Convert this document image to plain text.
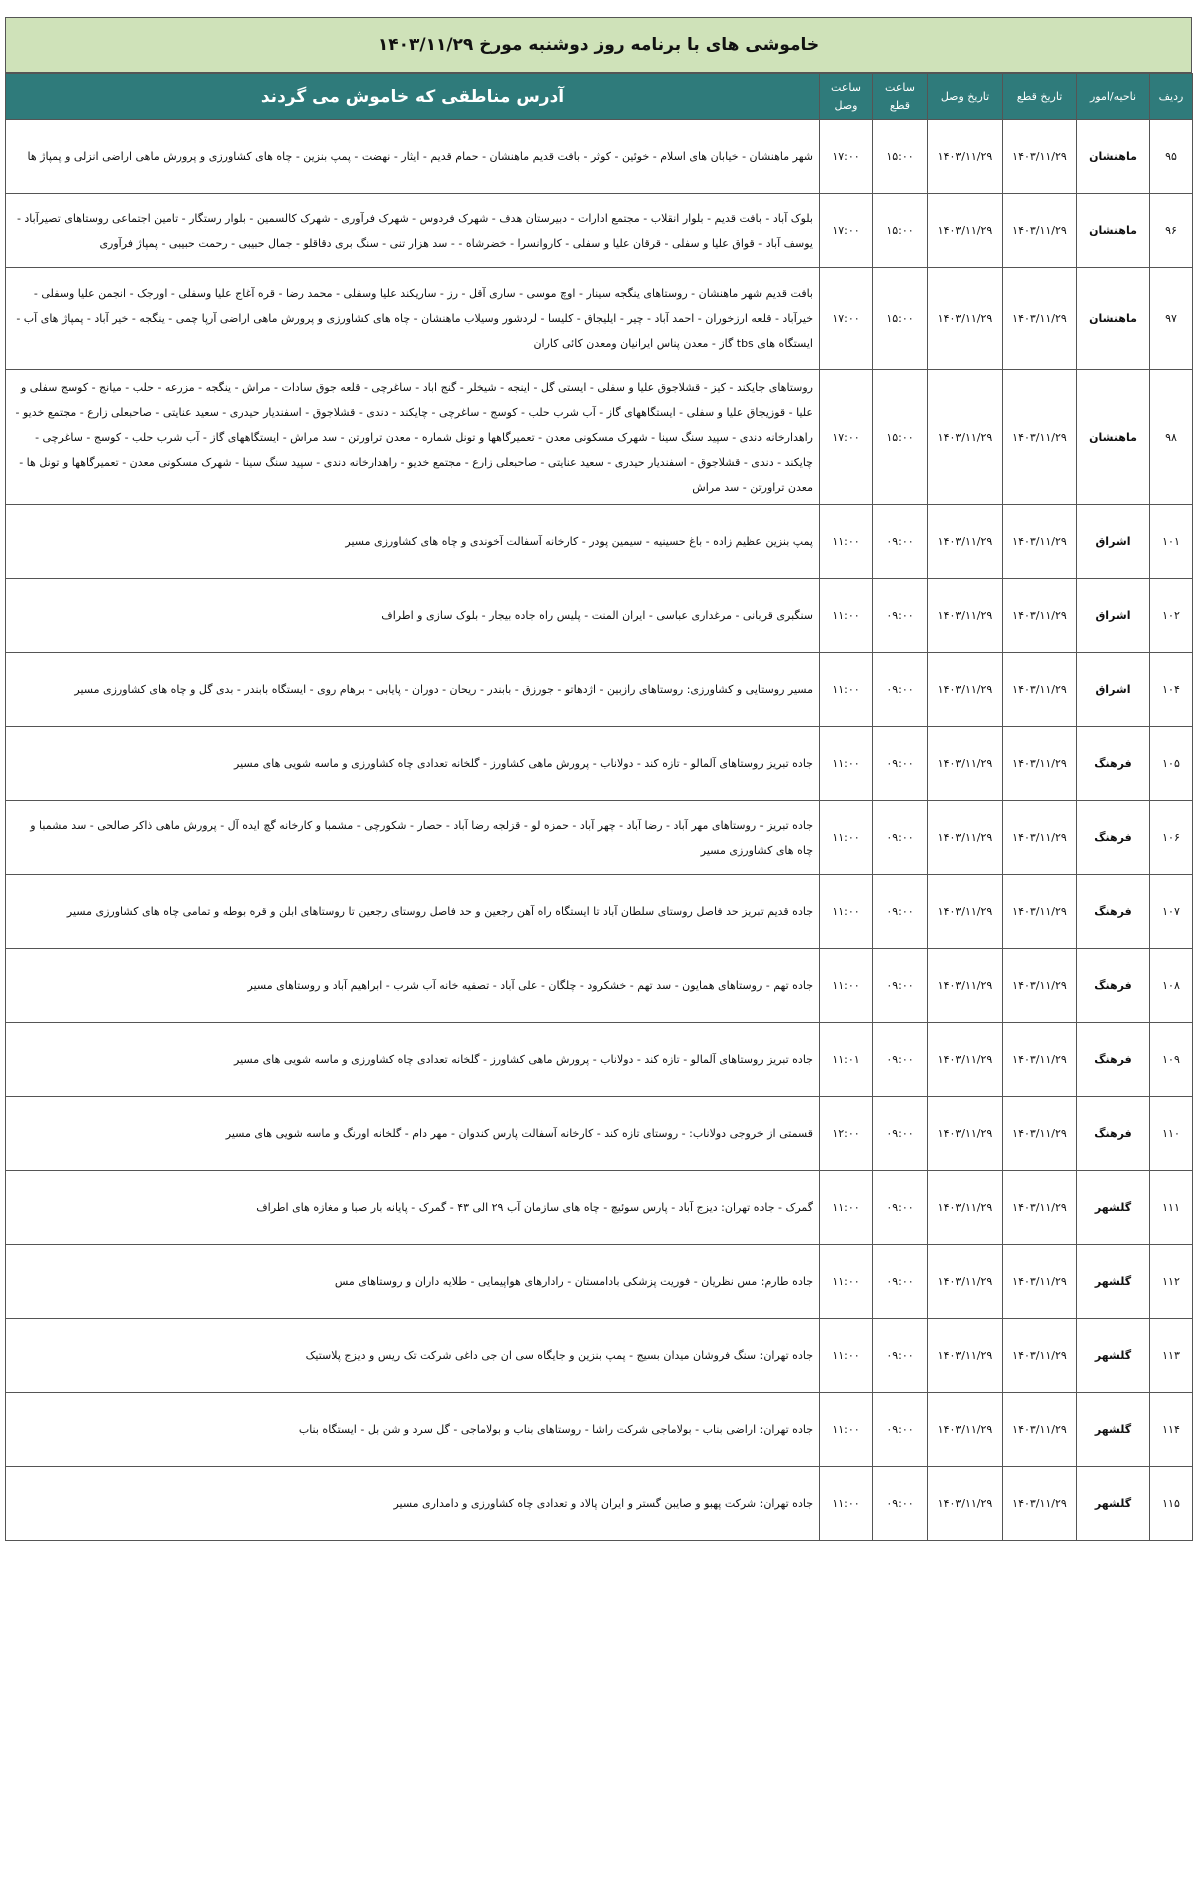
خاموشی های با برنامه روز دوشنبه مورخ ۱۴۰۳/۱۱/۲۹
ردیف	ناحیه/امور	تاریخ قطع	تاریخ وصل	ساعت قطع	ساعت وصل	آدرس مناطقی که خاموش می گردند
۹۵	ماهنشان	۱۴۰۳/۱۱/۲۹	۱۴۰۳/۱۱/۲۹	۱۵:۰۰	۱۷:۰۰	شهر ماهنشان - خیابان های اسلام - خوئین - کوثر - بافت قدیم ماهنشان - حمام قدیم - ایثار - نهضت - پمپ بنزین - چاه های کشاورزی و پرورش ماهی اراضی انزلی و پمپاژ ها
۹۶	ماهنشان	۱۴۰۳/۱۱/۲۹	۱۴۰۳/۱۱/۲۹	۱۵:۰۰	۱۷:۰۰	بلوک آباد - بافت قدیم - بلوار انقلاب - مجتمع ادارات - دبیرستان هدف - شهرک فردوس - شهرک فرآوری - شهرک کالسمین - بلوار رستگار - تامین اجتماعی روستاهای تصیرآباد - یوسف آباد - قواق علیا و سفلی - قرقان علیا و سفلی - کاروانسرا - خضرشاه - - سد هزار تنی - سنگ بری دقاقلو - جمال حبیبی - رحمت حبیبی - پمپاژ فرآوری
۹۷	ماهنشان	۱۴۰۳/۱۱/۲۹	۱۴۰۳/۱۱/۲۹	۱۵:۰۰	۱۷:۰۰	بافت قدیم شهر ماهنشان - روستاهای ینگجه سینار - اوچ موسی - ساری آقل - رز - ساریکند علیا وسفلی - محمد رضا - قره آغاج علیا وسفلی - اورجک - انجمن علیا وسفلی - خیرآباد - قلعه ارزخوران - احمد آباد - چیر - ایلیجاق - کلیسا - لردشور وسیلاب ماهنشان - چاه های کشاورزی و پرورش ماهی اراضی آرپا چمی - ینگجه - خیر آباد - پمپاژ های آب - ایستگاه های tbs گاز - معدن پناس ایرانیان ومعدن کائی کاران
۹۸	ماهنشان	۱۴۰۳/۱۱/۲۹	۱۴۰۳/۱۱/۲۹	۱۵:۰۰	۱۷:۰۰	روستاهای جایکند - کیز - قشلاجوق علیا و سفلی - ایستی گل - اینجه - شیخلر - گنج اباد - ساغرچی - قلعه جوق سادات - مراش - ینگجه - مزرعه - حلب - میانج - کوسج سفلی و علیا - قوزیجاق علیا و سفلی - ایستگاههای گاز - آب شرب حلب - کوسج - ساغرچی - چایکند - دندی - قشلاجوق - اسفندیار حیدری - سعید عنایتی - صاحبعلی زارع - مجتمع خدیو - راهدارخانه دندی - سپید سنگ سینا - شهرک مسکونی معدن - تعمیرگاهها و تونل شماره - معدن تراورتن - سد مراش - ایستگاههای گاز - آب شرب حلب - کوسج - ساغرچی - چایکند - دندی - قشلاجوق - اسفندیار حیدری - سعید عنایتی - صاحبعلی زارع - مجتمع خدیو - راهدارخانه دندی - سپید سنگ سینا - شهرک مسکونی معدن - تعمیرگاهها و تونل ها - معدن تراورتن - سد مراش
۱۰۱	اشراق	۱۴۰۳/۱۱/۲۹	۱۴۰۳/۱۱/۲۹	۰۹:۰۰	۱۱:۰۰	پمپ بنزین عظیم زاده - باغ حسینیه - سیمین پودر - کارخانه آسفالت آخوندی و چاه های کشاورزی مسیر
۱۰۲	اشراق	۱۴۰۳/۱۱/۲۹	۱۴۰۳/۱۱/۲۹	۰۹:۰۰	۱۱:۰۰	سنگبری قربانی - مرغداری عباسی - ایران المنت - پلیس راه جاده بیجار - بلوک سازی و اطراف
۱۰۴	اشراق	۱۴۰۳/۱۱/۲۹	۱۴۰۳/۱۱/۲۹	۰۹:۰۰	۱۱:۰۰	مسیر روستایی و کشاورزی: روستاهای رازبین - اژدهاتو - جورزق - بابندر - ریحان - دوران - پایابی - برهام روی - ایستگاه بابندر - بدی گل و چاه های کشاورزی مسیر
۱۰۵	فرهنگ	۱۴۰۳/۱۱/۲۹	۱۴۰۳/۱۱/۲۹	۰۹:۰۰	۱۱:۰۰	جاده تبریز روستاهای آلمالو - تازه کند - دولاناب - پرورش ماهی کشاورز - گلخانه تعدادی چاه کشاورزی و ماسه شویی های مسیر
۱۰۶	فرهنگ	۱۴۰۳/۱۱/۲۹	۱۴۰۳/۱۱/۲۹	۰۹:۰۰	۱۱:۰۰	جاده تبریز - روستاهای مهر آباد - رضا آباد - چهر آباد - حمزه لو - قزلجه رضا آباد - حصار - شکورچی - مشمبا و کارخانه گچ ایده آل - پرورش ماهی ذاکر صالحی - سد مشمبا و چاه های کشاورزی مسیر
۱۰۷	فرهنگ	۱۴۰۳/۱۱/۲۹	۱۴۰۳/۱۱/۲۹	۰۹:۰۰	۱۱:۰۰	جاده قدیم تبریز حد فاصل روستای سلطان آباد تا ایستگاه راه آهن رجعین و حد فاصل روستای رجعین تا روستاهای ابلن و قره بوطه و تمامی چاه های کشاورزی مسیر
۱۰۸	فرهنگ	۱۴۰۳/۱۱/۲۹	۱۴۰۳/۱۱/۲۹	۰۹:۰۰	۱۱:۰۰	جاده تهم - روستاهای همایون - سد تهم - خشکرود - چلگان - علی آباد - تصفیه خانه آب شرب - ابراهیم آباد و روستاهای مسیر
۱۰۹	فرهنگ	۱۴۰۳/۱۱/۲۹	۱۴۰۳/۱۱/۲۹	۰۹:۰۰	۱۱:۰۱	جاده تبریز روستاهای آلمالو - تازه کند - دولاناب - پرورش ماهی کشاورز - گلخانه تعدادی چاه کشاورزی و ماسه شویی های مسیر
۱۱۰	فرهنگ	۱۴۰۳/۱۱/۲۹	۱۴۰۳/۱۱/۲۹	۰۹:۰۰	۱۲:۰۰	قسمتی از خروجی دولاناب: - روستای تازه کند - کارخانه آسفالت پارس کندوان - مهر دام - گلخانه اورنگ و ماسه شویی های مسیر
۱۱۱	گلشهر	۱۴۰۳/۱۱/۲۹	۱۴۰۳/۱۱/۲۹	۰۹:۰۰	۱۱:۰۰	گمرک - جاده تهران: دیزج آباد - پارس سوئیچ - چاه های سازمان آب ۲۹ الی ۴۳ - گمرک - پایانه بار صبا و مغازه های اطراف
۱۱۲	گلشهر	۱۴۰۳/۱۱/۲۹	۱۴۰۳/۱۱/۲۹	۰۹:۰۰	۱۱:۰۰	جاده طارم: مس نظریان - فوریت پزشکی بادامستان - رادارهای هواپیمایی - طلایه داران و روستاهای مس
۱۱۳	گلشهر	۱۴۰۳/۱۱/۲۹	۱۴۰۳/۱۱/۲۹	۰۹:۰۰	۱۱:۰۰	جاده تهران: سنگ فروشان میدان بسیج - پمپ بنزین و جایگاه سی ان جی داغی شرکت تک ریس و دیزج پلاستیک
۱۱۴	گلشهر	۱۴۰۳/۱۱/۲۹	۱۴۰۳/۱۱/۲۹	۰۹:۰۰	۱۱:۰۰	جاده تهران: اراضی بناب - بولاماجی شرکت راشا - روستاهای بناب و بولاماجی - گل سرد و شن بل - ایستگاه بناب
۱۱۵	گلشهر	۱۴۰۳/۱۱/۲۹	۱۴۰۳/۱۱/۲۹	۰۹:۰۰	۱۱:۰۰	جاده تهران: شرکت پهبو و صایبن گستر و ایران پالاد و تعدادی چاه کشاورزی و دامداری مسیر
